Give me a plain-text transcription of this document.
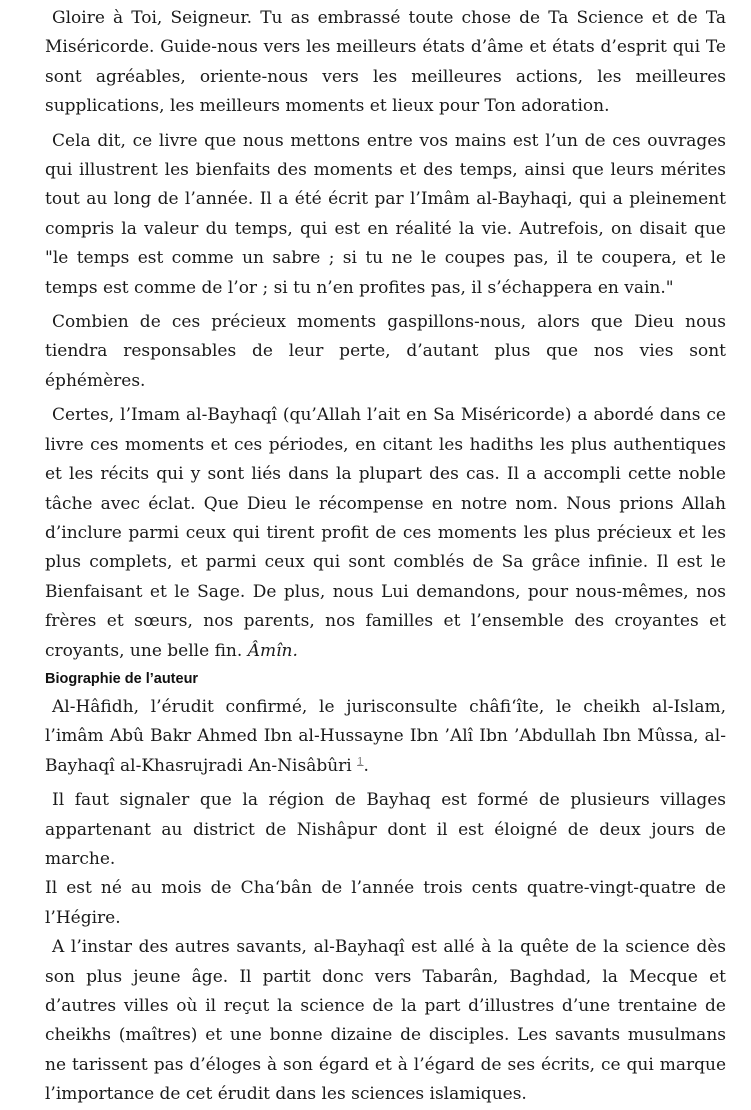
Gloire à Toi, Seigneur. Tu as embrassé toute chose de Ta Science et de Ta Miséricorde. Guide-nous vers les meilleurs états d’âme et états d’esprit qui Te sont agréables, oriente-nous vers les meilleures actions, les meilleures supplications, les meilleurs moments et lieux pour Ton adoration.

Cela dit, ce livre que nous mettons entre vos mains est l’un de ces ouvrages qui illustrent les bienfaits des moments et des temps, ainsi que leurs mérites tout au long de l’année. Il a été écrit par l’Imâm al-Bayhaqi, qui a pleinement compris la valeur du temps, qui est en réalité la vie. Autrefois, on disait que "le temps est comme un sabre ; si tu ne le coupes pas, il te coupera, et le temps est comme de l’or ; si tu n’en profites pas, il s’échappera en vain."

Combien de ces précieux moments gaspillons-nous, alors que Dieu nous tiendra responsables de leur perte, d’autant plus que nos vies sont éphémères.

Certes, l’Imam al-Bayhaqî (qu’Allah l’ait en Sa Miséricorde) a abordé dans ce livre ces moments et ces périodes, en citant les hadiths les plus authentiques et les récits qui y sont liés dans la plupart des cas. Il a accompli cette noble tâche avec éclat. Que Dieu le récompense en notre nom. Nous prions Allah d’inclure parmi ceux qui tirent profit de ces moments les plus précieux et les plus complets, et parmi ceux qui sont comblés de Sa grâce infinie. Il est le Bienfaisant et le Sage. De plus, nous Lui demandons, pour nous-mêmes, nos frères et sœurs, nos parents, nos familles et l’ensemble des croyantes et croyants, une belle fin. Âmîn.

Biographie de l’auteur

Al-Hâfidh, l’érudit confirmé, le jurisconsulte châfi‘îte, le cheikh al-Islam, l’imâm Abû Bakr Ahmed Ibn al-Hussayne Ibn ’Alî Ibn ’Abdullah Ibn Mûssa, al-Bayhaqî al-Khasrujradi An-Nisâbûri $^1$.

Il faut signaler que la région de Bayhaq est formé de plusieurs villages appartenant au district de Nishâpur dont il est éloigné de deux jours de marche.

Il est né au mois de Cha‘bân de l’année trois cents quatre-vingt-quatre de l’Hégire.

A l’instar des autres savants, al-Bayhaqî est allé à la quête de la science dès son plus jeune âge. Il partit donc vers Tabarân, Baghdad, la Mecque et d’autres villes où il reçut la science de la part d’illustres d’une trentaine de cheikhs (maîtres) et une bonne dizaine de disciples. Les savants musulmans ne tarissent pas d’éloges à son égard et à l’égard de ses écrits, ce qui marque l’importance de cet érudit dans les sciences islamiques.
